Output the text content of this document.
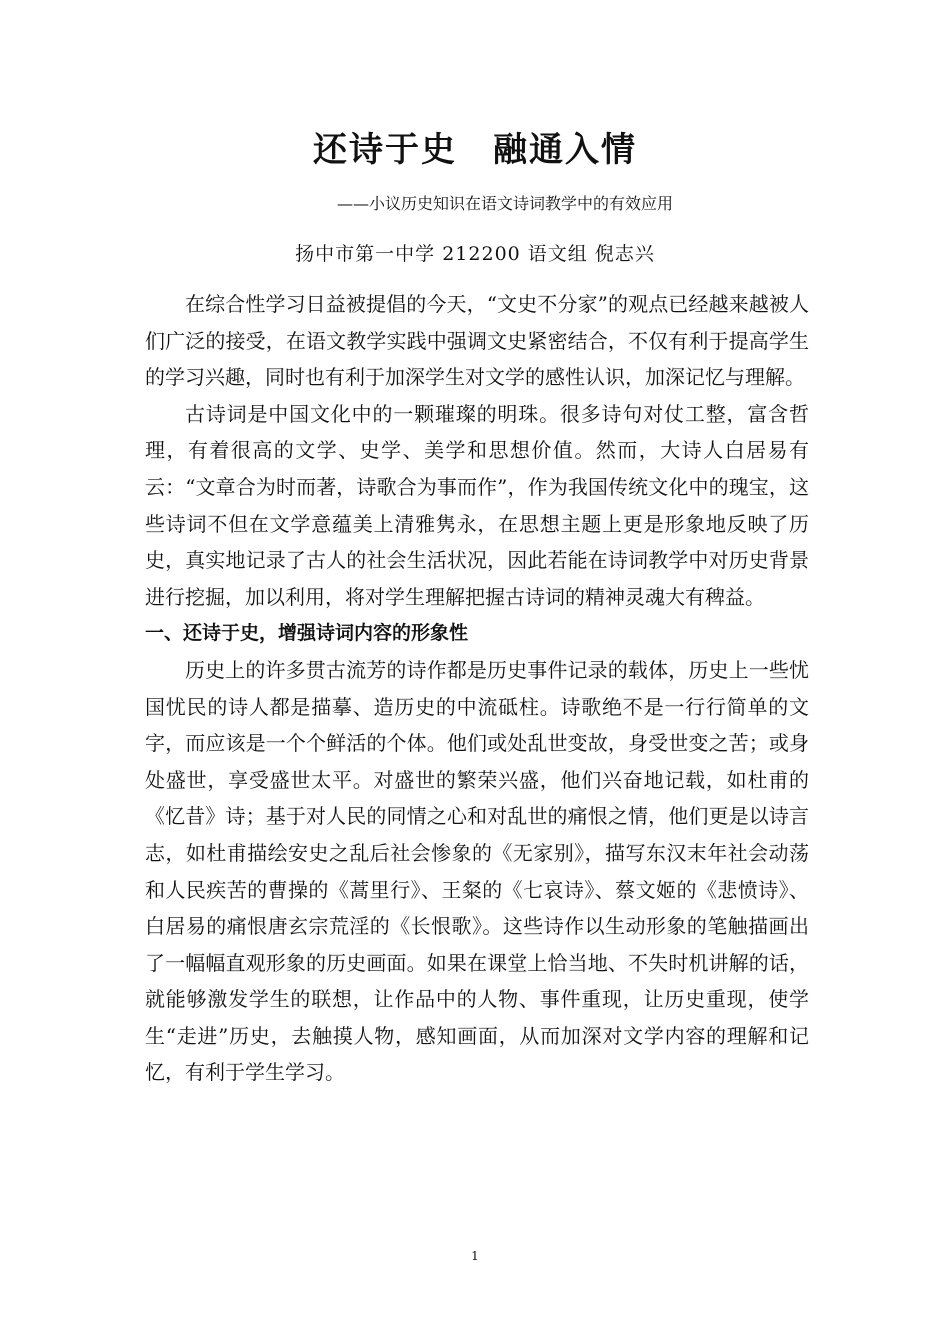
还诗于史　融通入情
——小议历史知识在语文诗词教学中的有效应用
扬中市第一中学 212200 语文组 倪志兴

在综合性学习日益被提倡的今天，“文史不分家”的观点已经越来越被人们广泛的接受，在语文教学实践中强调文史紧密结合，不仅有利于提高学生的学习兴趣，同时也有利于加深学生对文学的感性认识，加深记忆与理解。

古诗词是中国文化中的一颗璀璨的明珠。很多诗句对仗工整，富含哲理，有着很高的文学、史学、美学和思想价值。然而，大诗人白居易有云：“文章合为时而著，诗歌合为事而作”，作为我国传统文化中的瑰宝，这些诗词不但在文学意蕴美上清雅隽永，在思想主题上更是形象地反映了历史，真实地记录了古人的社会生活状况，因此若能在诗词教学中对历史背景进行挖掘，加以利用，将对学生理解把握古诗词的精神灵魂大有稗益。

一、还诗于史，增强诗词内容的形象性

历史上的许多贯古流芳的诗作都是历史事件记录的载体，历史上一些忧国忧民的诗人都是描摹、造历史的中流砥柱。诗歌绝不是一行行简单的文字，而应该是一个个鲜活的个体。他们或处乱世变故，身受世变之苦；或身处盛世，享受盛世太平。对盛世的繁荣兴盛，他们兴奋地记载，如杜甫的《忆昔》诗；基于对人民的同情之心和对乱世的痛恨之情，他们更是以诗言志，如杜甫描绘安史之乱后社会惨象的《无家别》，描写东汉末年社会动荡和人民疾苦的曹操的《蒿里行》、王粲的《七哀诗》、蔡文姬的《悲愤诗》、白居易的痛恨唐玄宗荒淫的《长恨歌》。这些诗作以生动形象的笔触描画出了一幅幅直观形象的历史画面。如果在课堂上恰当地、不失时机讲解的话，就能够激发学生的联想，让作品中的人物、事件重现，让历史重现，使学生“走进”历史，去触摸人物，感知画面，从而加深对文学内容的理解和记忆，有利于学生学习。

1
